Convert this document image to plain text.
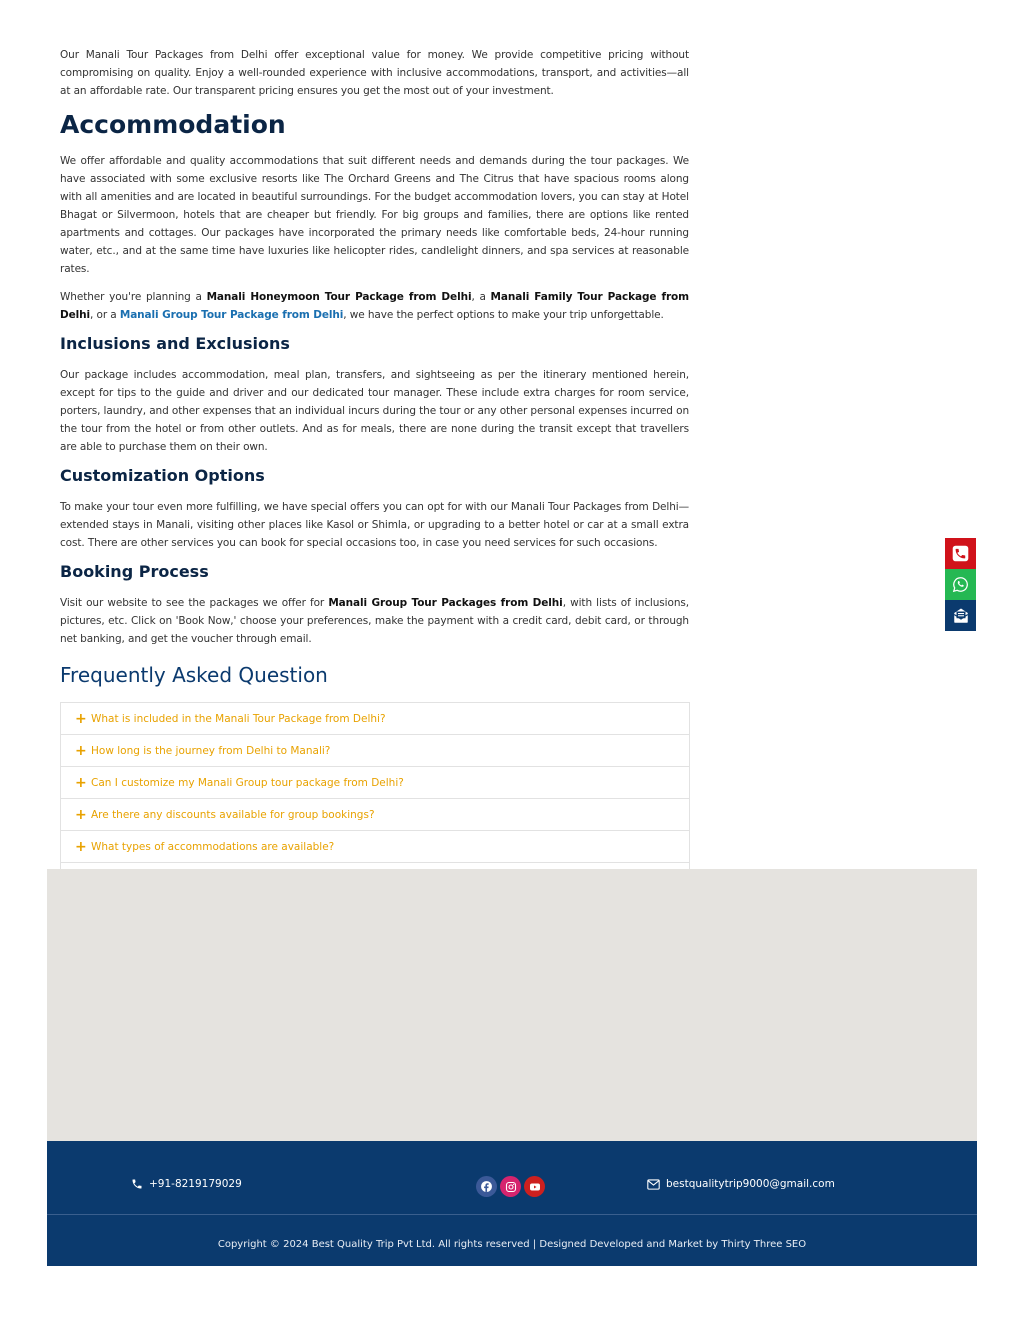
Our Manali Tour Packages from Delhi offer exceptional value for money. We provide competitive pricing without compromising on quality. Enjoy a well-rounded experience with inclusive accommodations, transport, and activities—all at an affordable rate. Our transparent pricing ensures you get the most out of your investment.

Accommodation

We offer affordable and quality accommodations that suit different needs and demands during the tour packages. We have associated with some exclusive resorts like The Orchard Greens and The Citrus that have spacious rooms along with all amenities and are located in beautiful surroundings. For the budget accommodation lovers, you can stay at Hotel Bhagat or Silvermoon, hotels that are cheaper but friendly. For big groups and families, there are options like rented apartments and cottages. Our packages have incorporated the primary needs like comfortable beds, 24-hour running water, etc., and at the same time have luxuries like helicopter rides, candlelight dinners, and spa services at reasonable rates.

Whether you're planning a Manali Honeymoon Tour Package from Delhi, a Manali Family Tour Package from Delhi, or a Manali Group Tour Package from Delhi, we have the perfect options to make your trip unforgettable.

Inclusions and Exclusions

Our package includes accommodation, meal plan, transfers, and sightseeing as per the itinerary mentioned herein, except for tips to the guide and driver and our dedicated tour manager. These include extra charges for room service, porters, laundry, and other expenses that an individual incurs during the tour or any other personal expenses incurred on the tour from the hotel or from other outlets. And as for meals, there are none during the transit except that travellers are able to purchase them on their own.

Customization Options

To make your tour even more fulfilling, we have special offers you can opt for with our Manali Tour Packages from Delhi—extended stays in Manali, visiting other places like Kasol or Shimla, or upgrading to a better hotel or car at a small extra cost. There are other services you can book for special occasions too, in case you need services for such occasions.

Booking Process

Visit our website to see the packages we offer for Manali Group Tour Packages from Delhi, with lists of inclusions, pictures, etc. Click on 'Book Now,' choose your preferences, make the payment with a credit card, debit card, or through net banking, and get the voucher through email.

Frequently Asked Question
+ What is included in the Manali Tour Package from Delhi?
+ How long is the journey from Delhi to Manali?
+ Can I customize my Manali Group tour package from Delhi?
+ Are there any discounts available for group bookings?
+ What types of accommodations are available?
+91-8219179029	bestqualitytrip9000@gmail.com
Copyright © 2024 Best Quality Trip Pvt Ltd. All rights reserved | Designed Developed and Market by Thirty Three SEO
